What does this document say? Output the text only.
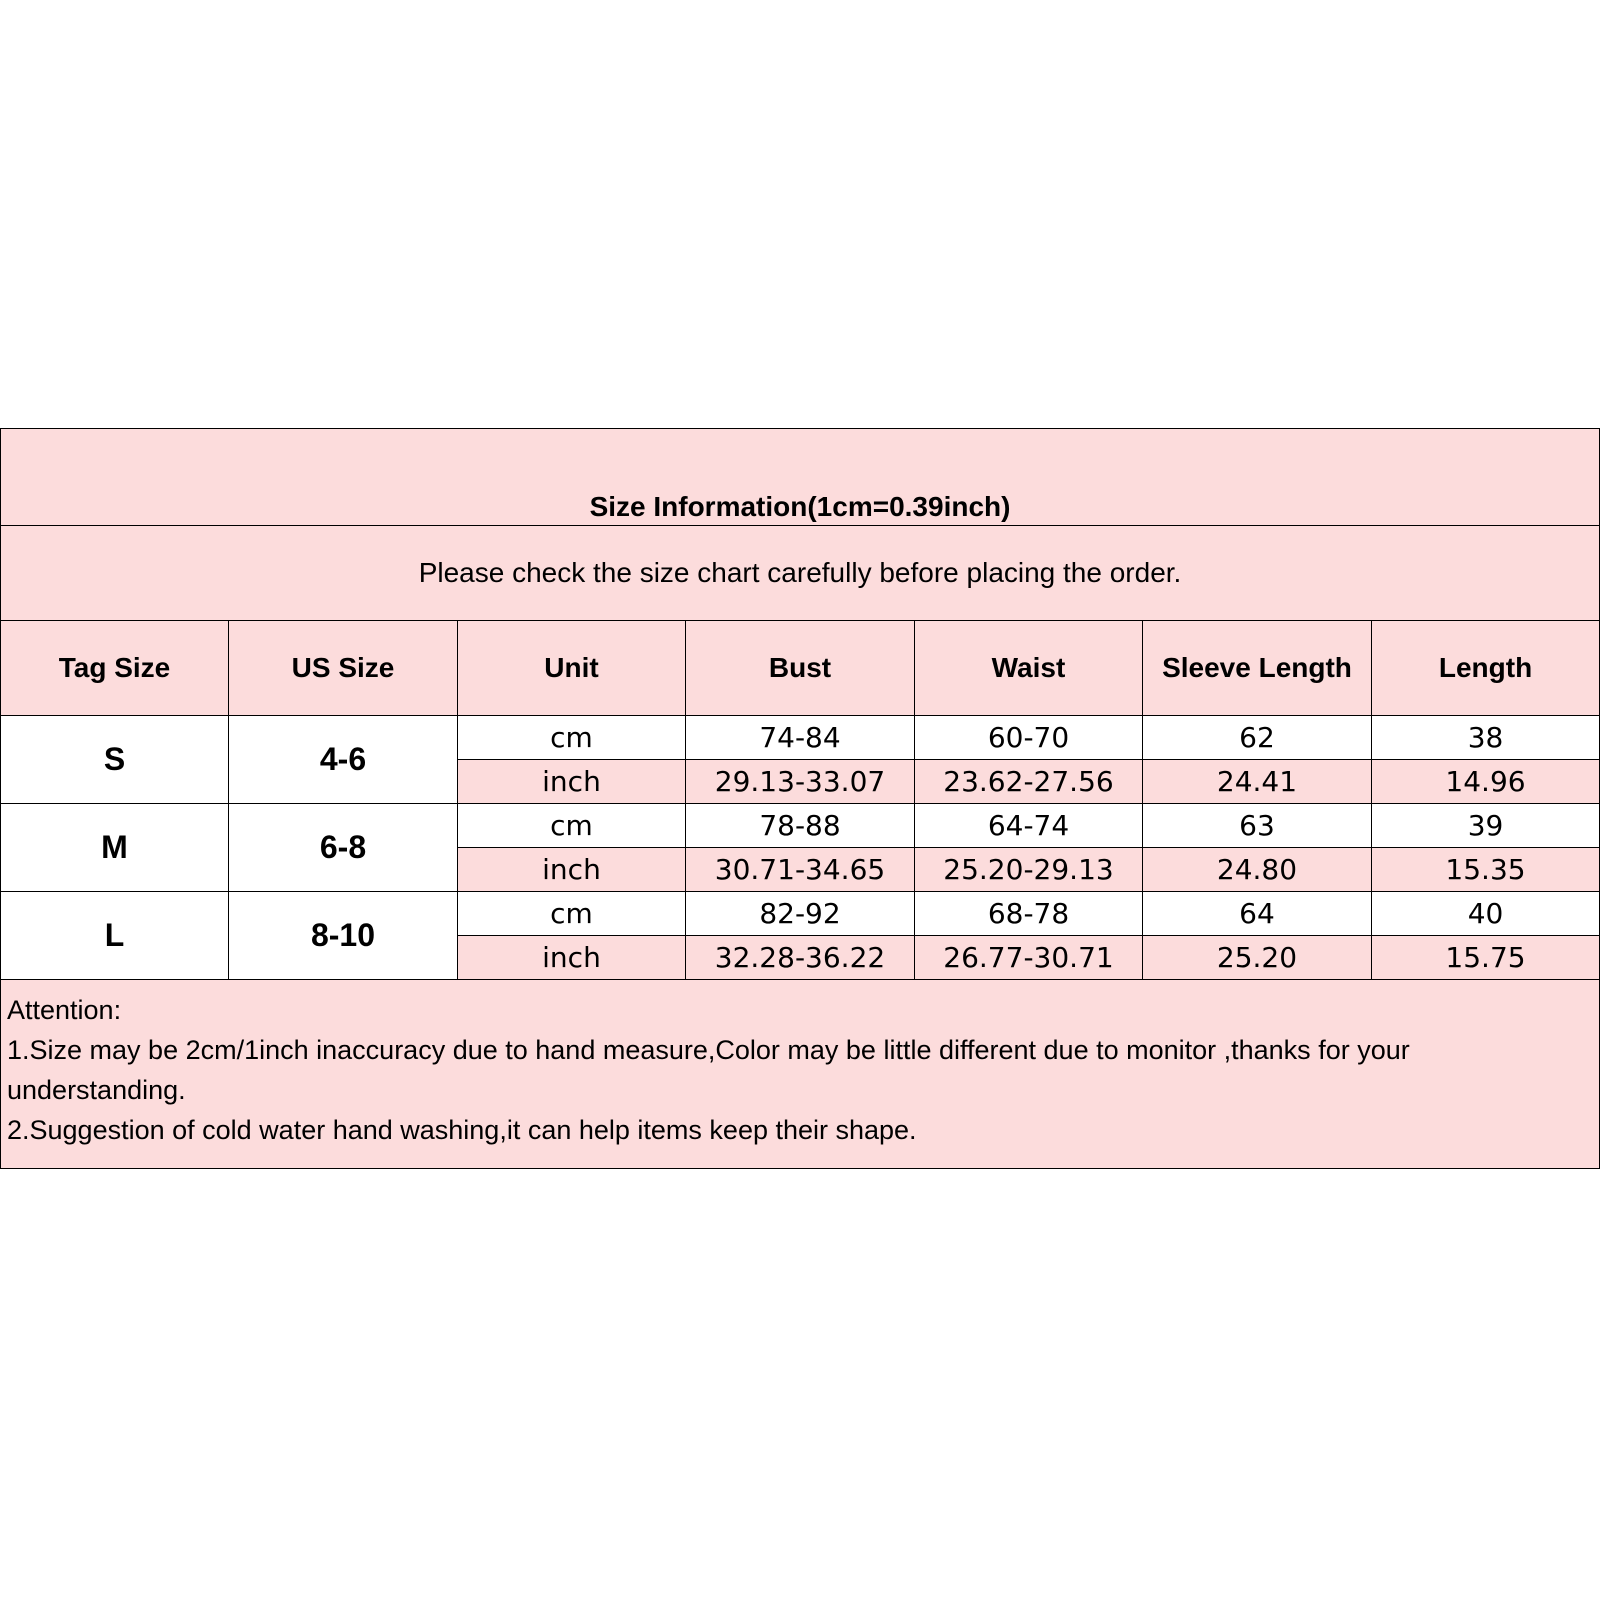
Size Information(1cm=0.39inch)						
Please check the size chart carefully before placing the order.						
Tag Size	US Size	Unit	Bust	Waist	Sleeve Length	Length
S	4-6	cm	74-84	60-70	62	38
		inch	29.13-33.07	23.62-27.56	24.41	14.96
M	6-8	cm	78-88	64-74	63	39
		inch	30.71-34.65	25.20-29.13	24.80	15.35
L	8-10	cm	82-92	68-78	64	40
		inch	32.28-36.22	26.77-30.71	25.20	15.75

Attention:
1.Size may be 2cm/1inch inaccuracy due to hand measure,Color may be little different due to monitor ,thanks for your understanding.
2.Suggestion of cold water hand washing,it can help items keep their shape.						
